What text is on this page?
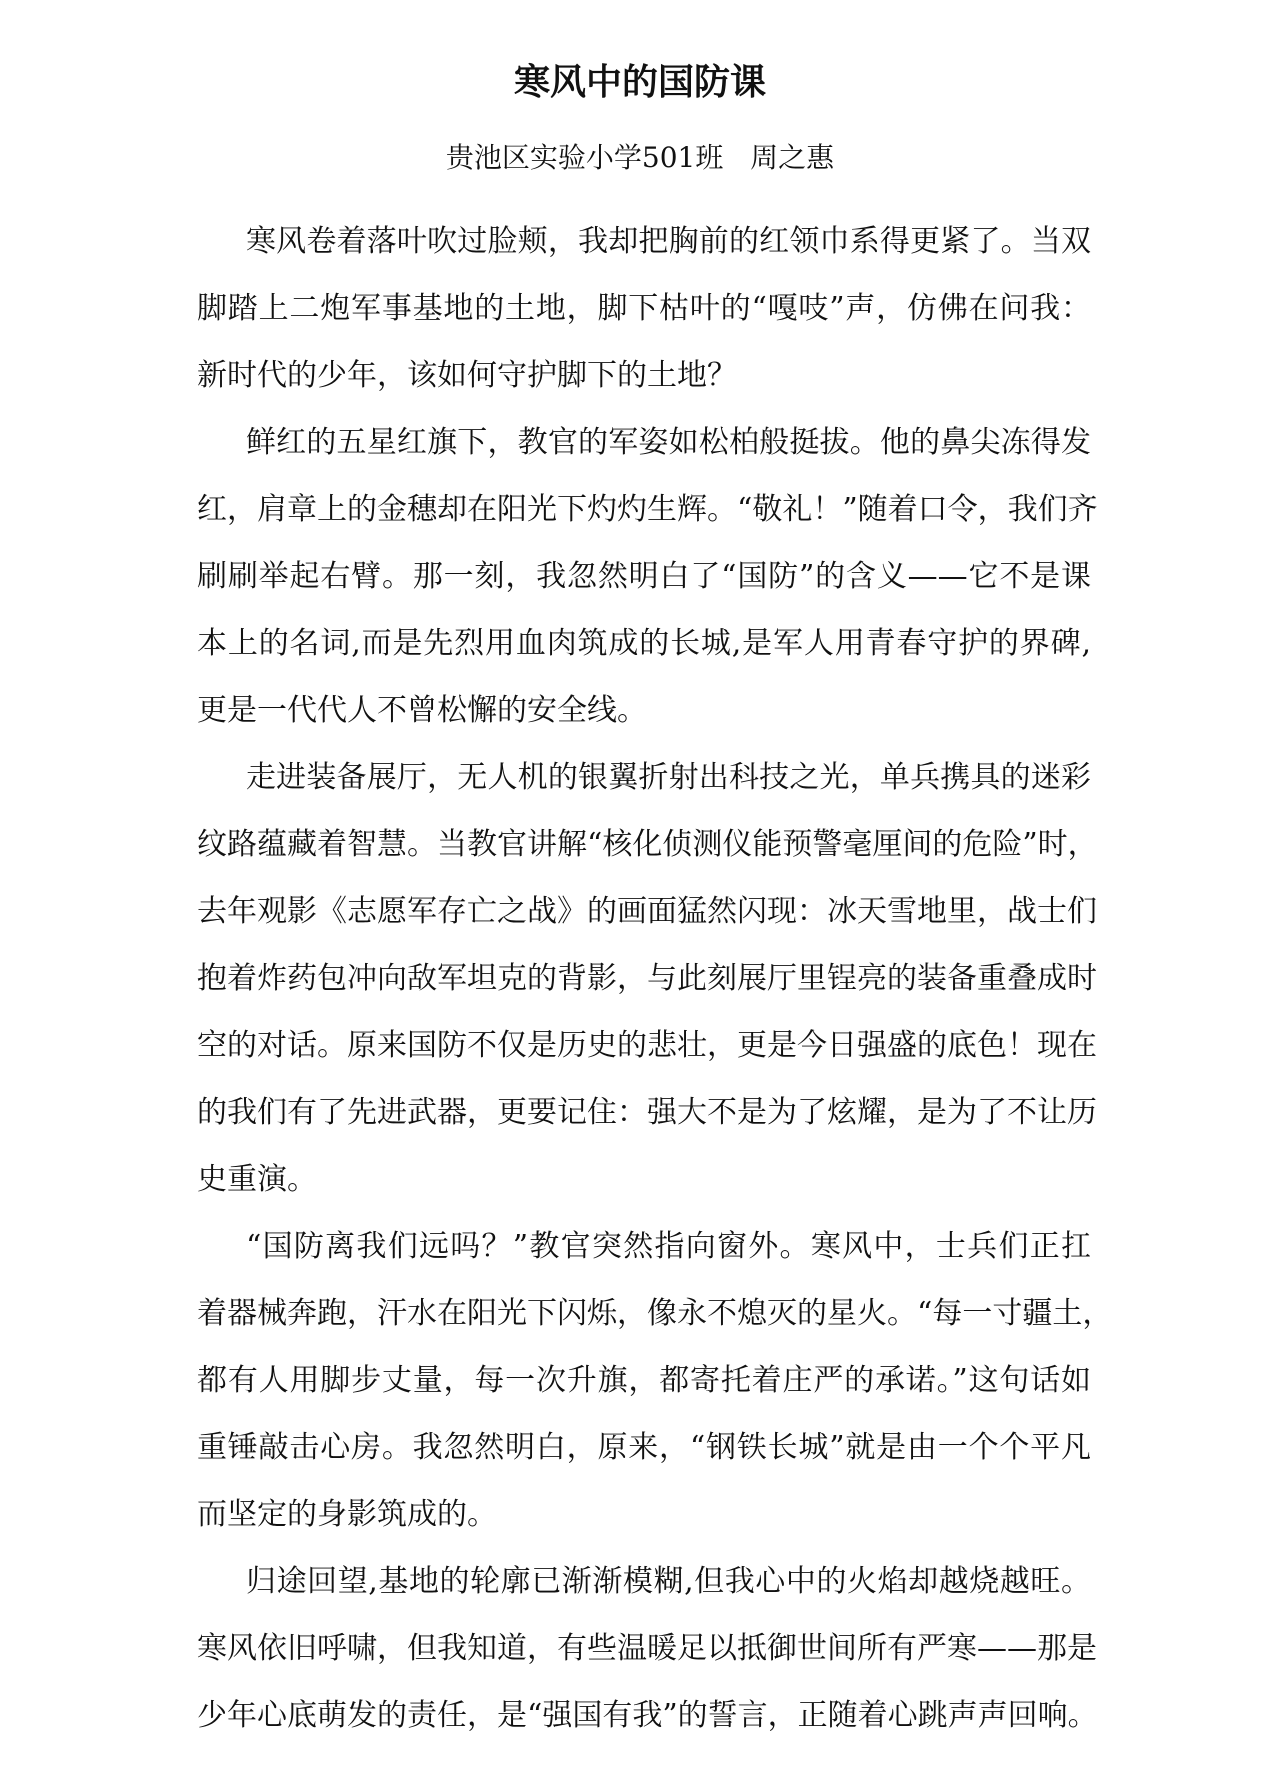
寒风中的国防课
贵池区实验小学501班   周之惠
寒风卷着落叶吹过脸颊，我却把胸前的红领巾系得更紧了。当双
脚踏上二炮军事基地的土地，脚下枯叶的“嘎吱”声，仿佛在问我：
新时代的少年，该如何守护脚下的土地？
鲜红的五星红旗下，教官的军姿如松柏般挺拔。他的鼻尖冻得发
红，肩章上的金穗却在阳光下灼灼生辉。“敬礼！”随着口令，我们齐
刷刷举起右臂。那一刻，我忽然明白了“国防”的含义——它不是课
本上的名词,而是先烈用血肉筑成的长城,是军人用青春守护的界碑,
更是一代代人不曾松懈的安全线。
走进装备展厅，无人机的银翼折射出科技之光，单兵携具的迷彩
纹路蕴藏着智慧。当教官讲解“核化侦测仪能预警毫厘间的危险”时，
去年观影《志愿军存亡之战》的画面猛然闪现：冰天雪地里，战士们
抱着炸药包冲向敌军坦克的背影，与此刻展厅里锃亮的装备重叠成时
空的对话。原来国防不仅是历史的悲壮，更是今日强盛的底色！现在
的我们有了先进武器，更要记住：强大不是为了炫耀，是为了不让历
史重演。
“国防离我们远吗？”教官突然指向窗外。寒风中，士兵们正扛
着器械奔跑，汗水在阳光下闪烁，像永不熄灭的星火。“每一寸疆土，
都有人用脚步丈量，每一次升旗，都寄托着庄严的承诺。”这句话如
重锤敲击心房。我忽然明白，原来，“钢铁长城”就是由一个个平凡
而坚定的身影筑成的。
归途回望,基地的轮廓已渐渐模糊,但我心中的火焰却越烧越旺。
寒风依旧呼啸，但我知道，有些温暖足以抵御世间所有严寒——那是
少年心底萌发的责任，是“强国有我”的誓言，正随着心跳声声回响。
